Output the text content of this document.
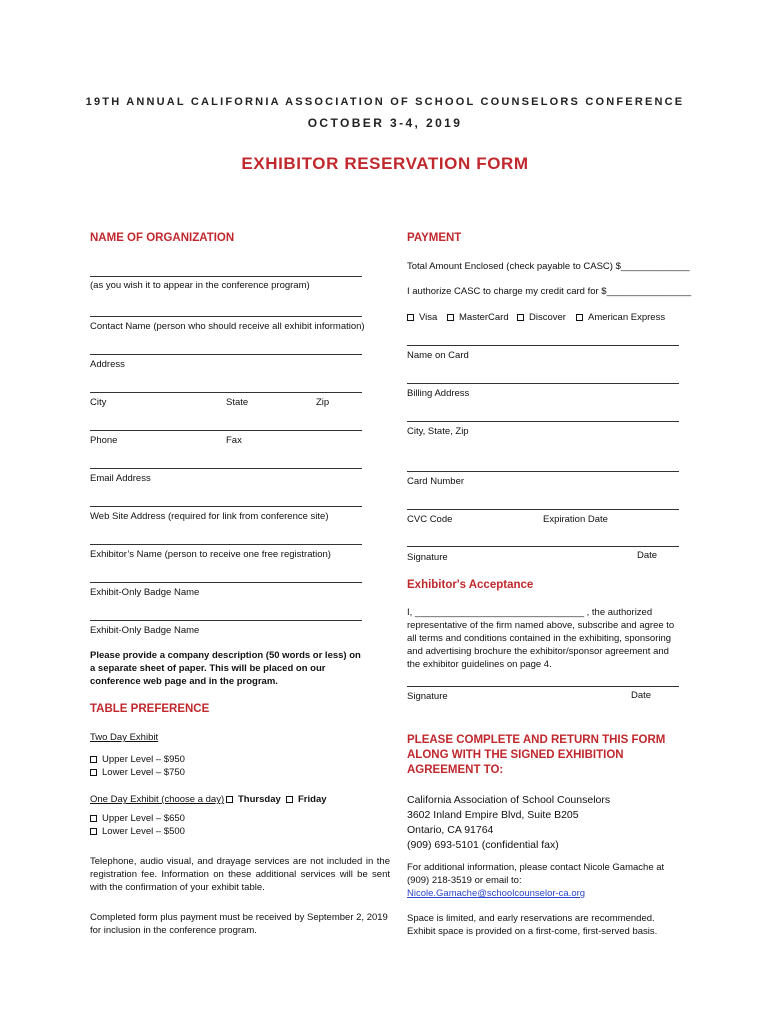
19TH ANNUAL CALIFORNIA ASSOCIATION OF SCHOOL COUNSELORS CONFERENCE
OCTOBER 3-4, 2019
EXHIBITOR RESERVATION FORM
NAME OF ORGANIZATION
(as you wish it to appear in the conference program)
Contact Name (person who should receive all exhibit information)
Address
City	State	Zip
Phone	Fax
Email Address
Web Site Address (required for link from conference site)
Exhibitor’s Name (person to receive one free registration)
Exhibit-Only Badge Name
Exhibit-Only Badge Name
Please provide a company description (50 words or less) on a separate sheet of paper. This will be placed on our conference web page and in the program.
TABLE PREFERENCE
Two Day Exhibit
Upper Level – $950
Lower Level – $750
One Day Exhibit (choose a day)	Thursday	Friday
Upper Level – $650
Lower Level – $500
Telephone, audio visual, and drayage services are not included in the registration fee. Information on these additional services will be sent with the confirmation of your exhibit table.
Completed form plus payment must be received by September 2, 2019 for inclusion in the conference program.
PAYMENT
Total Amount Enclosed (check payable to CASC) $_____________
I authorize CASC to charge my credit card for $________________
Visa	MasterCard	Discover	American Express
Name on Card
Billing Address
City, State, Zip
Card Number
CVC Code	Expiration Date
Signature	Date
Exhibitor's Acceptance
I, ________________________________ , the authorized representative of the firm named above, subscribe and agree to all terms and conditions contained in the exhibiting, sponsoring and advertising brochure the exhibitor/sponsor agreement and the exhibitor guidelines on page 4.
Signature	Date
PLEASE COMPLETE AND RETURN THIS FORM ALONG WITH THE SIGNED EXHIBITION AGREEMENT TO:
California Association of School Counselors
3602 Inland Empire Blvd, Suite B205
Ontario, CA 91764
(909) 693-5101 (confidential fax)
For additional information, please contact Nicole Gamache at (909) 218-3519 or email to:
Nicole.Gamache@schoolcounselor-ca.org
Space is limited, and early reservations are recommended. Exhibit space is provided on a first-come, first-served basis.
